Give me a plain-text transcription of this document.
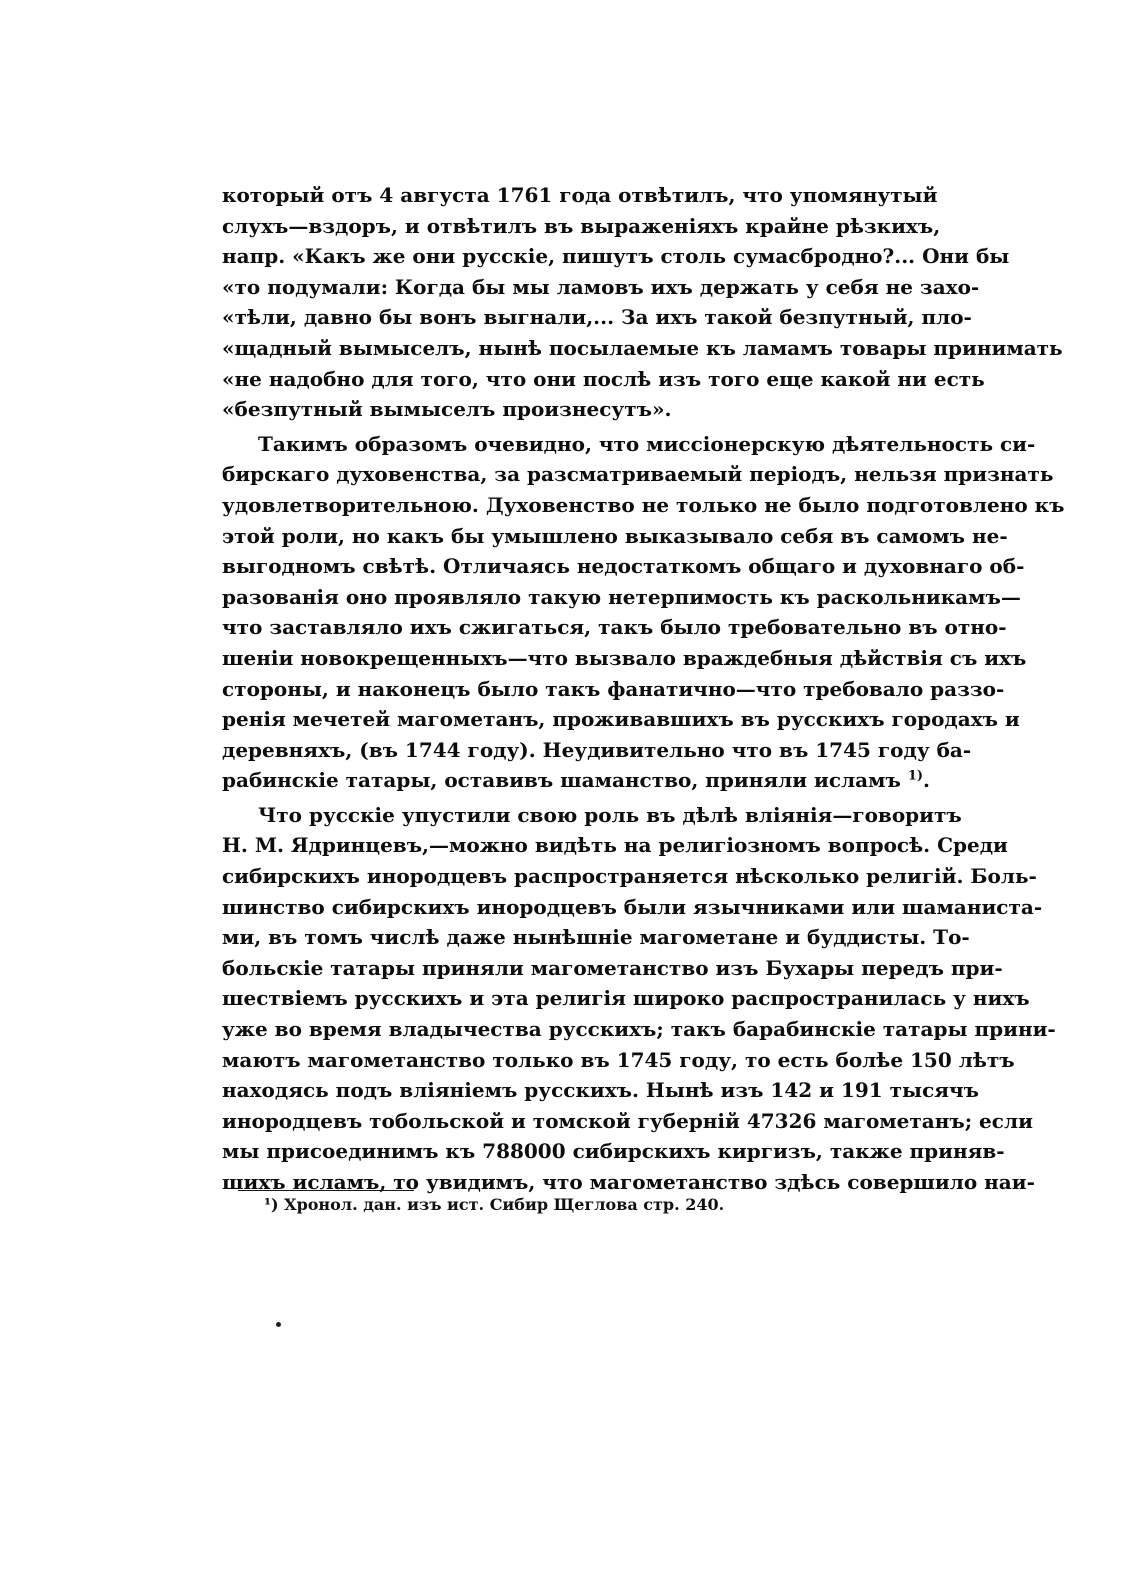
который отъ 4 августа 1761 года отвѣтилъ, что упомянутый
слухъ—вздоръ, и отвѣтилъ въ выраженіяхъ крайне рѣзкихъ,
напр. «Какъ же они русскіе, пишутъ столь сумасбродно?... Они бы
«то подумали: Когда бы мы ламовъ ихъ держать у себя не захо-
«тѣли, давно бы вонъ выгнали,... За ихъ такой безпутный, пло-
«щадный вымыселъ, нынѣ посылаемые къ ламамъ товары принимать
«не надобно для того, что они послѣ изъ того еще какой ни есть
«безпутный вымыселъ произнесутъ».
Такимъ образомъ очевидно, что миссіонерскую дѣятельность си-
бирскаго духовенства, за разсматриваемый періодъ, нельзя признать
удовлетворительною. Духовенство не только не было подготовлено къ
этой роли, но какъ бы умышлено выказывало себя въ самомъ не-
выгодномъ свѣтѣ. Отличаясь недостаткомъ общаго и духовнаго об-
разованія оно проявляло такую нетерпимость къ раскольникамъ—
что заставляло ихъ сжигаться, такъ было требовательно въ отно-
шеніи новокрещенныхъ—что вызвало враждебныя дѣйствія съ ихъ
стороны, и наконецъ было такъ фанатично—что требовало раззо-
ренія мечетей магометанъ, проживавшихъ въ русскихъ городахъ и
деревняхъ, (въ 1744 году). Неудивительно что въ 1745 году ба-
рабинскіе татары, оставивъ шаманство, приняли исламъ $^{1)}$.
Что русскіе упустили свою роль въ дѣлѣ вліянія—говоритъ
Н. М. Ядринцевъ,—можно видѣть на религіозномъ вопросѣ. Среди
сибирскихъ инородцевъ распространяется нѣсколько религій. Боль-
шинство сибирскихъ инородцевъ были язычниками или шаманиста-
ми, въ томъ числѣ даже нынѣшніе магометане и буддисты. То-
больскіе татары приняли магометанство изъ Бухары передъ при-
шествіемъ русскихъ и эта религія широко распространилась у нихъ
уже во время владычества русскихъ; такъ барабинскіе татары прини-
маютъ магометанство только въ 1745 году, то есть болѣе 150 лѣтъ
находясь подъ вліяніемъ русскихъ. Нынѣ изъ 142 и 191 тысячъ
инородцевъ тобольской и томской губерній 47326 магометанъ; если
мы присоединимъ къ 788000 сибирскихъ киргизъ, также приняв-
шихъ исламъ, то увидимъ, что магометанство здѣсь совершило наи-
¹) Хронол. дан. изъ ист. Сибир Щеглова стр. 240.
